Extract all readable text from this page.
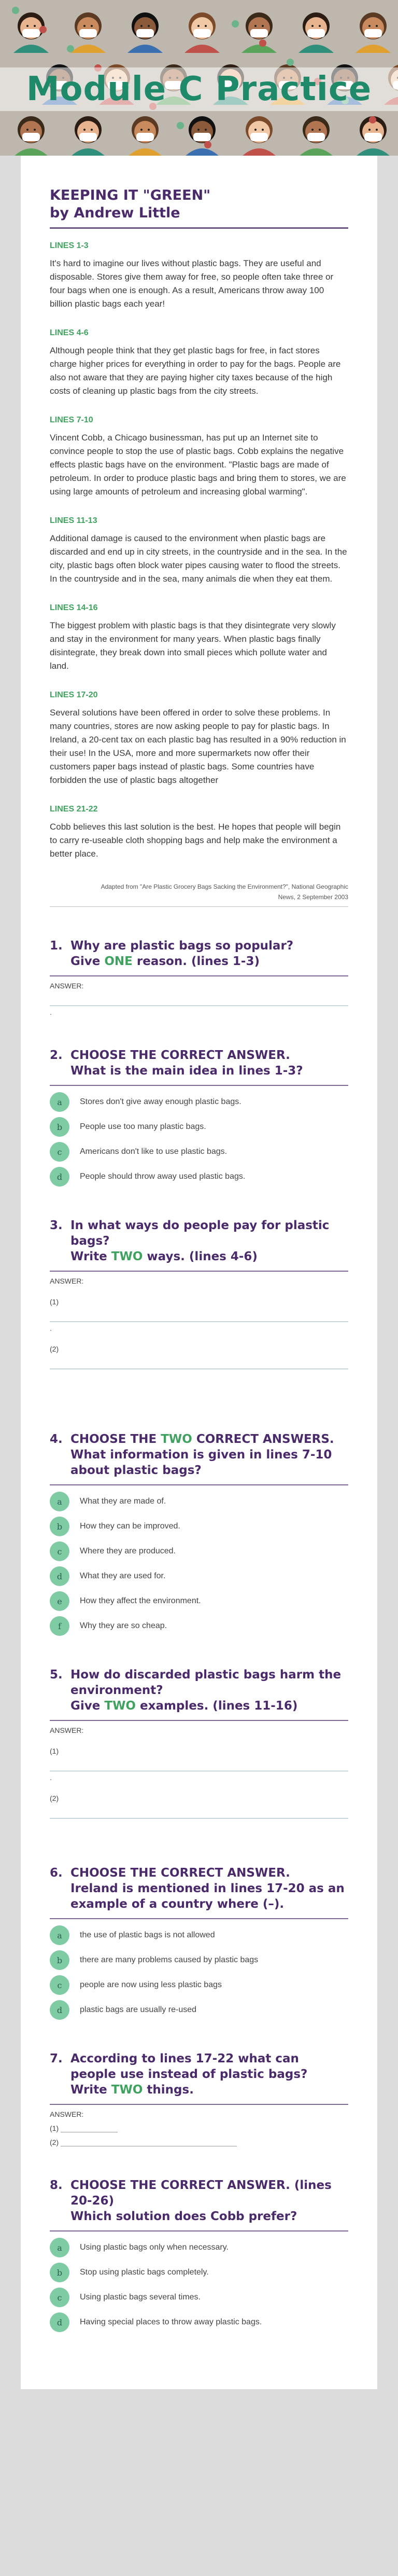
Module C Practice
KEEPING IT "GREEN"
by Andrew Little
LINES 1-3

It's hard to imagine our lives without plastic bags. They are useful and disposable. Stores give them away for free, so people often take three or four bags when one is enough. As a result, Americans throw away 100 billion plastic bags each year!

LINES 4-6

Although people think that they get plastic bags for free, in fact stores charge higher prices for everything in order to pay for the bags. People are also not aware that they are paying higher city taxes because of the high costs of cleaning up plastic bags from the city streets.

LINES 7-10

Vincent Cobb, a Chicago businessman, has put up an Internet site to convince people to stop the use of plastic bags. Cobb explains the negative effects plastic bags have on the environment. "Plastic bags are made of petroleum. In order to produce plastic bags and bring them to stores, we are using large amounts of petroleum and increasing global warming".

LINES 11-13

Additional damage is caused to the environment when plastic bags are discarded and end up in city streets, in the countryside and in the sea. In the city, plastic bags often block water pipes causing water to flood the streets. In the countryside and in the sea, many animals die when they eat them.

LINES 14-16

The biggest problem with plastic bags is that they disintegrate very slowly and stay in the environment for many years. When plastic bags finally disintegrate, they break down into small pieces which pollute water and land.

LINES 17-20

Several solutions have been offered in order to solve these problems. In many countries, stores are now asking people to pay for plastic bags. In Ireland, a 20-cent tax on each plastic bag has resulted in a 90% reduction in their use! In the USA, more and more supermarkets now offer their customers paper bags instead of plastic bags. Some countries have forbidden the use of plastic bags altogether

LINES 21-22

Cobb believes this last solution is the best. He hopes that people will begin to carry re-useable cloth shopping bags and help make the environment a better place.

Adapted from "Are Plastic Grocery Bags Sacking the Environment?", National Geographic
News, 2 September 2003
1. Why are plastic bags so popular?
Give ONE reason. (lines 1-3)
ANSWER:
.
2. CHOOSE THE CORRECT ANSWER.
What is the main idea in lines 1-3?
a	Stores don't give away enough plastic bags.
b	People use too many plastic bags.
c	Americans don't like to use plastic bags.
d	People should throw away used plastic bags.
3. In what ways do people pay for plastic bags?
Write TWO ways. (lines 4-6)
ANSWER:
(1)
.
(2)
4. CHOOSE THE TWO CORRECT ANSWERS.
What information is given in lines 7-10 about plastic bags?
a	What they are made of.
b	How they can be improved.
c	Where they are produced.
d	What they are used for.
e	How they affect the environment.
f	Why they are so cheap.
5. How do discarded plastic bags harm the environment?
Give TWO examples. (lines 11-16)
ANSWER:
(1)
.
(2)
6. CHOOSE THE CORRECT ANSWER.
Ireland is mentioned in lines 17-20 as an example of a country where (–).
a	the use of plastic bags is not allowed
b	there are many problems caused by plastic bags
c	people are now using less plastic bags
d	plastic bags are usually re-used
7. According to lines 17-22 what can people use instead of plastic bags?
Write TWO things.
ANSWER:
(1)
(2)
8. CHOOSE THE CORRECT ANSWER. (lines 20-26)
Which solution does Cobb prefer?
a	Using plastic bags only when necessary.
b	Stop using plastic bags completely.
c	Using plastic bags several times.
d	Having special places to throw away plastic bags.
